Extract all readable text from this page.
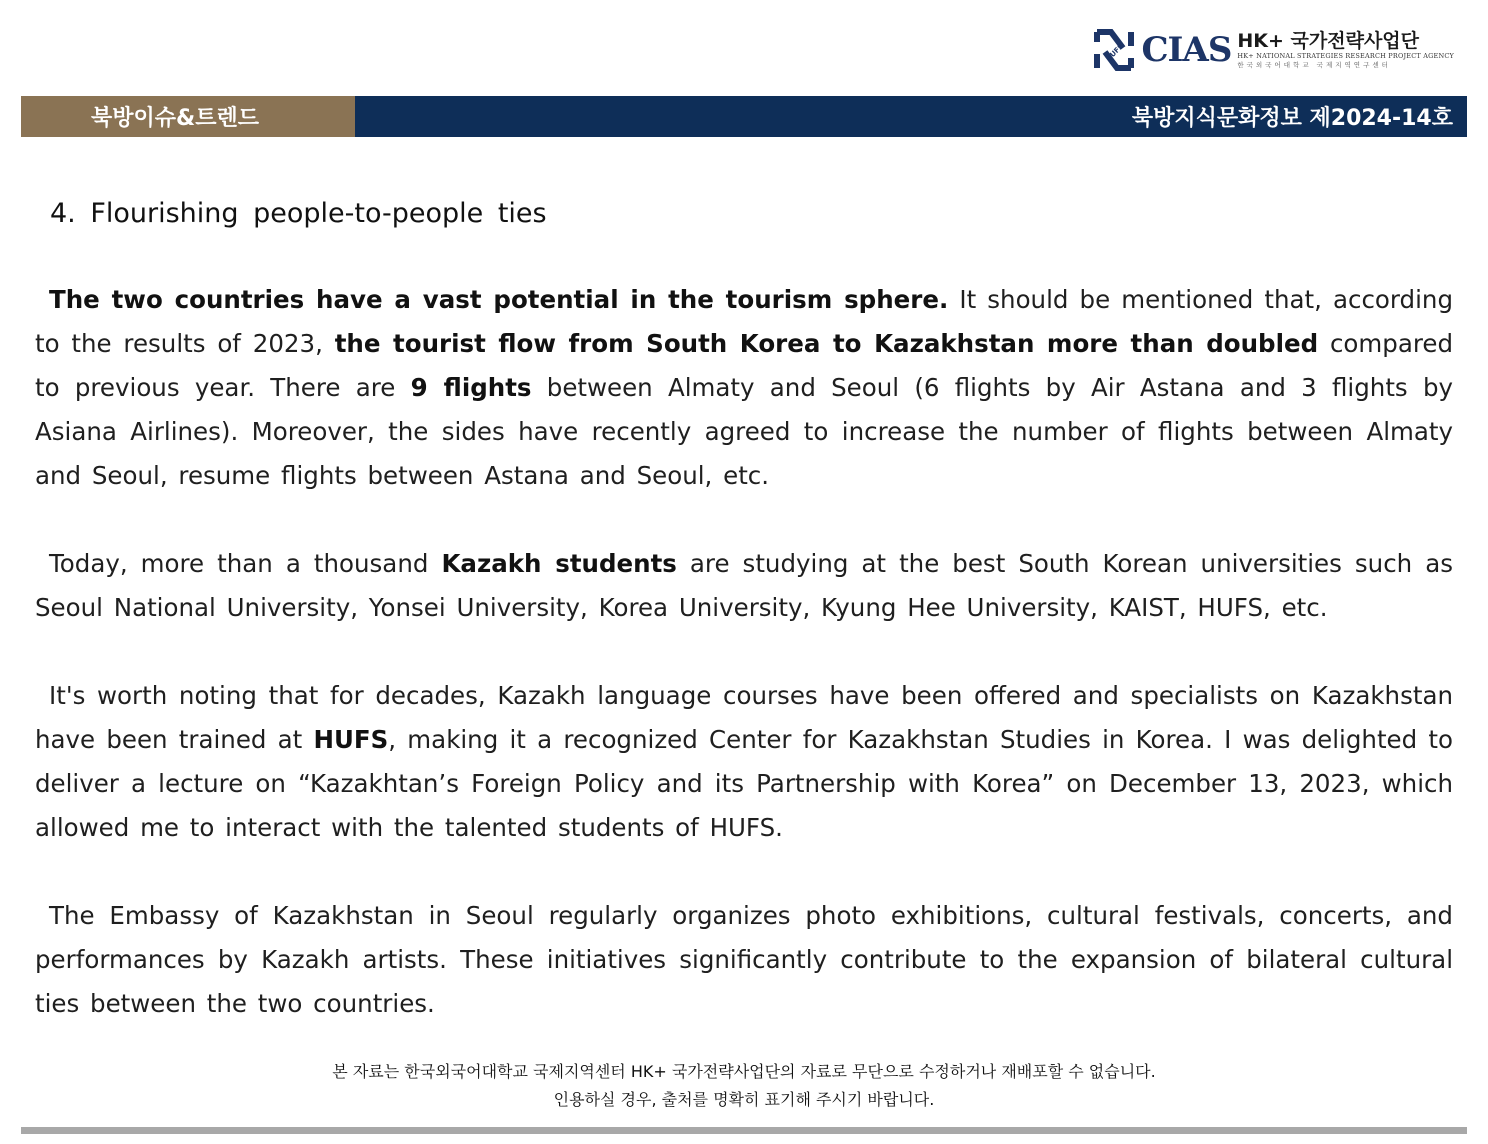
HUFS CIAS HK+ 국가전략사업단
HK+ NATIONAL STRATEGIES RESEARCH PROJECT AGENCY
한국외국어대학교 국제지역연구센터
북방이슈&트렌드	북방지식문화정보 제2024-14호
4. Flourishing people-to-people ties

The two countries have a vast potential in the tourism sphere. It should be mentioned that, according to the results of 2023, the tourist flow from South Korea to Kazakhstan more than doubled compared to previous year. There are 9 flights between Almaty and Seoul (6 flights by Air Astana and 3 flights by Asiana Airlines). Moreover, the sides have recently agreed to increase the number of flights between Almaty and Seoul, resume flights between Astana and Seoul, etc.

Today, more than a thousand Kazakh students are studying at the best South Korean universities such as Seoul National University, Yonsei University, Korea University, Kyung Hee University, KAIST, HUFS, etc.

It's worth noting that for decades, Kazakh language courses have been offered and specialists on Kazakhstan have been trained at HUFS, making it a recognized Center for Kazakhstan Studies in Korea. I was delighted to deliver a lecture on “Kazakhtan’s Foreign Policy and its Partnership with Korea” on December 13, 2023, which allowed me to interact with the talented students of HUFS.

The Embassy of Kazakhstan in Seoul regularly organizes photo exhibitions, cultural festivals, concerts, and performances by Kazakh artists. These initiatives significantly contribute to the expansion of bilateral cultural ties between the two countries.

본 자료는 한국외국어대학교 국제지역센터 HK+ 국가전략사업단의 자료로 무단으로 수정하거나 재배포할 수 없습니다.
인용하실 경우, 출처를 명확히 표기해 주시기 바랍니다.
